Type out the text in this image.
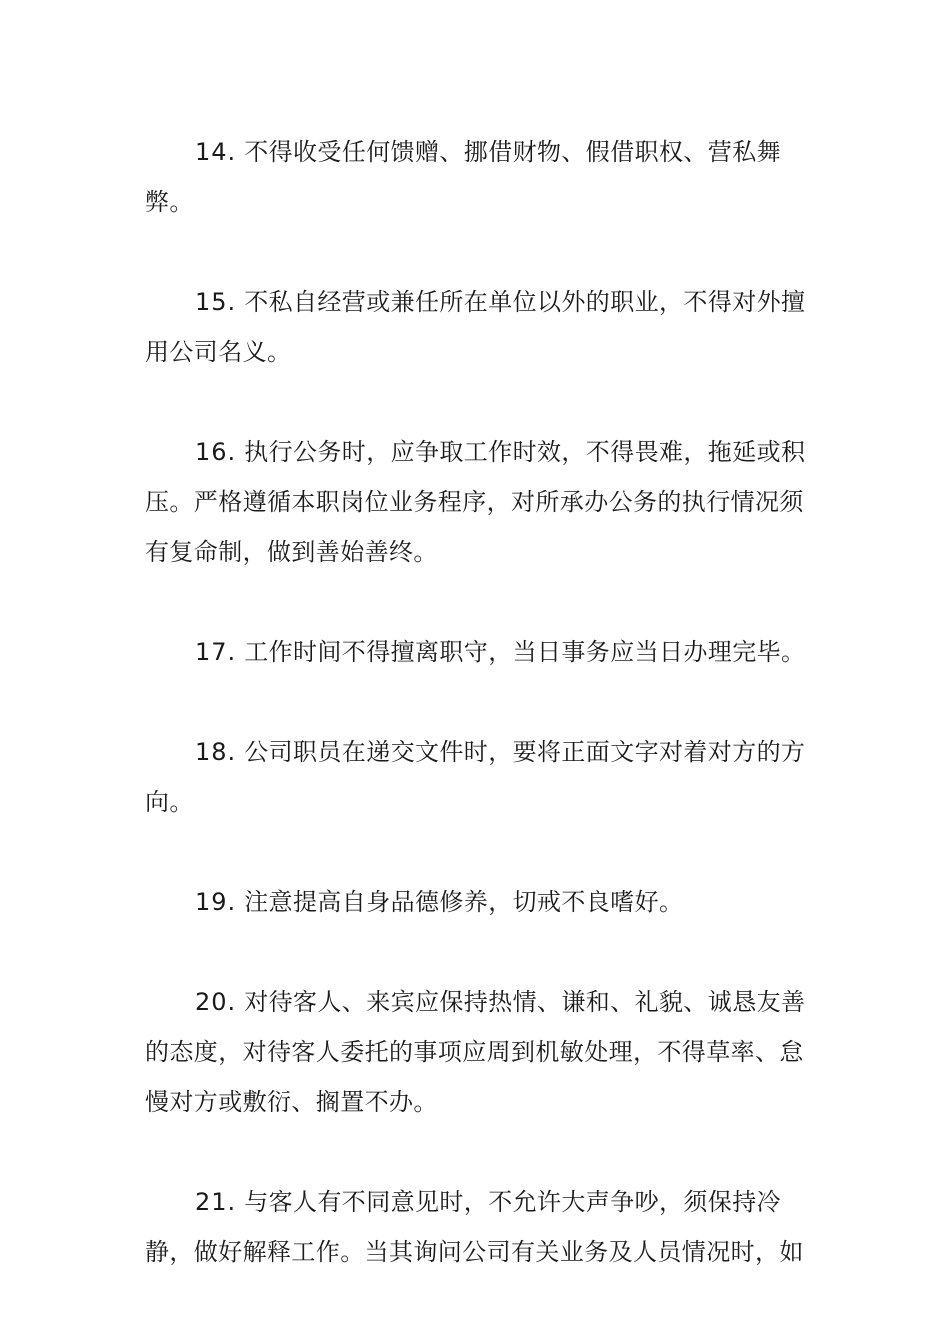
14. 不得收受任何馈赠、挪借财物、假借职权、营私舞弊。

15. 不私自经营或兼任所在单位以外的职业，不得对外擅用公司名义。

16. 执行公务时，应争取工作时效，不得畏难，拖延或积压。严格遵循本职岗位业务程序，对所承办公务的执行情况须有复命制，做到善始善终。

17. 工作时间不得擅离职守，当日事务应当日办理完毕。

18. 公司职员在递交文件时，要将正面文字对着对方的方向。

19. 注意提高自身品德修养，切戒不良嗜好。

20. 对待客人、来宾应保持热情、谦和、礼貌、诚恳友善的态度，对待客人委托的事项应周到机敏处理，不得草率、怠慢对方或敷衍、搁置不办。

21. 与客人有不同意见时，不允许大声争吵，须保持冷静，做好解释工作。当其询问公司有关业务及人员情况时，如
